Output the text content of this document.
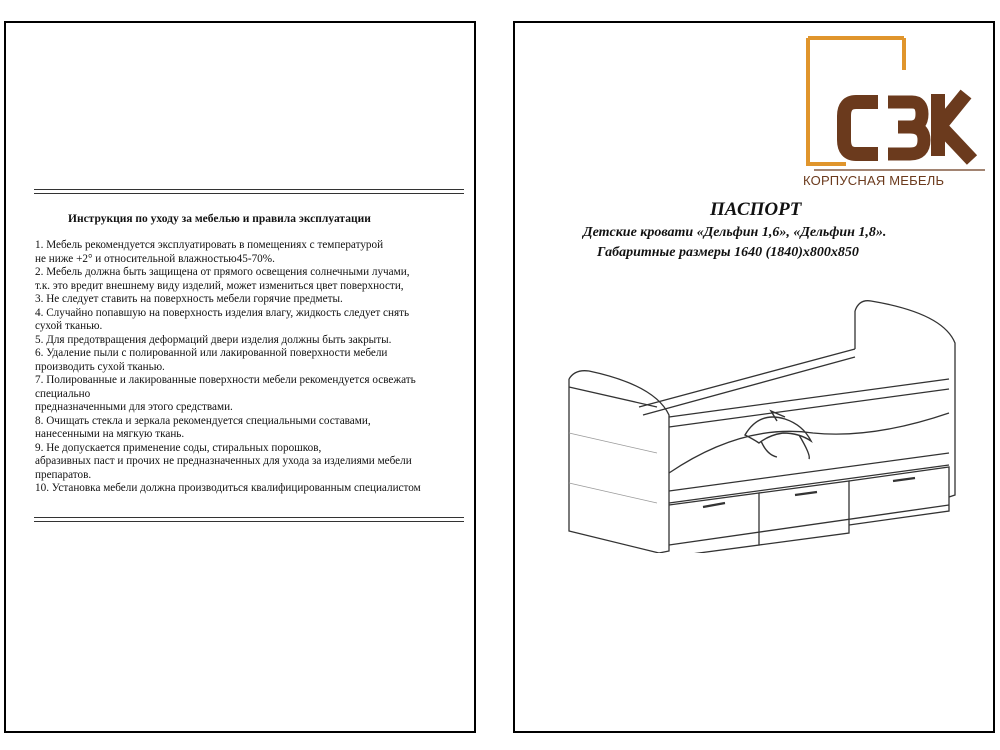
Инструкция по уходу за мебелью и правила эксплуатации
1. Мебель рекомендуется эксплуатировать в помещениях с температурой
не ниже +2° и относительной влажностью45-70%.
2. Мебель должна быть защищена от прямого освещения солнечными лучами,
т.к. это вредит внешнему виду изделий, может измениться цвет поверхности,
3. Не следует ставить на поверхность мебели горячие предметы.
4. Случайно попавшую на поверхность изделия влагу, жидкость следует снять
сухой тканью.
5. Для предотвращения деформаций двери изделия должны быть закрыты.
6. Удаление пыли с полированной или лакированной поверхности мебели
производить сухой тканью.
7. Полированные и лакированные поверхности мебели рекомендуется освежать
специально
предназначенными для этого средствами.
8. Очищать стекла и зеркала рекомендуется специальными составами,
нанесенными на мягкую ткань.
9. Не допускается применение соды, стиральных порошков,
абразивных паст и прочих не предназначенных для ухода за изделиями мебели
препаратов.
10. Установка мебели должна производиться квалифицированным специалистом
КОРПУСНАЯ МЕБЕЛЬ
ПАСПОРТ
Детские кровати «Дельфин 1,6», «Дельфин 1,8».
Габаритные размеры 1640 (1840)х800х850
